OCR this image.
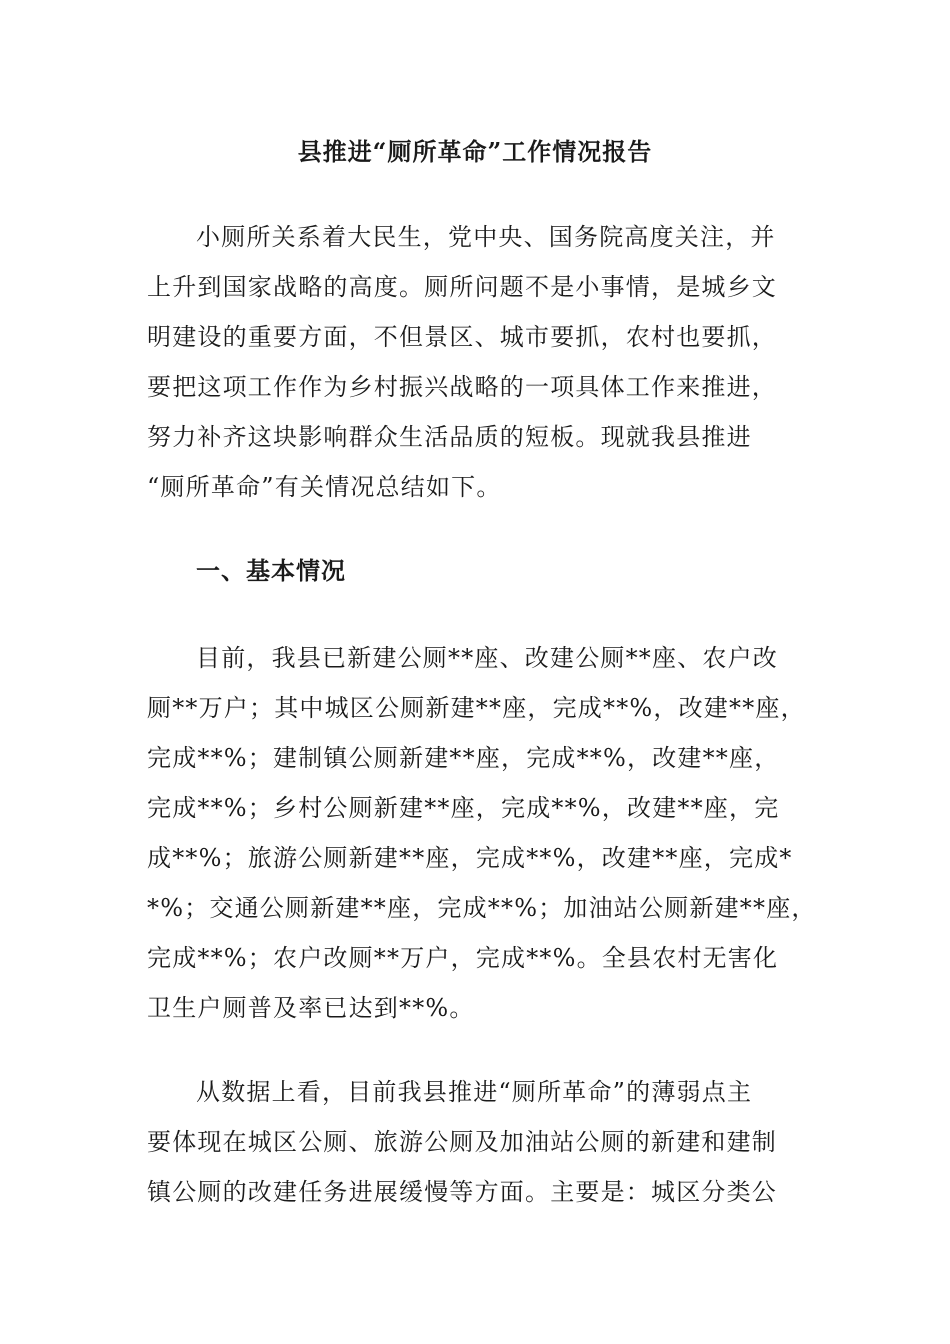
县推进“厕所革命”工作情况报告
小厕所关系着大民生，党中央、国务院高度关注，并
上升到国家战略的高度。厕所问题不是小事情，是城乡文
明建设的重要方面，不但景区、城市要抓，农村也要抓，
要把这项工作作为乡村振兴战略的一项具体工作来推进，
努力补齐这块影响群众生活品质的短板。现就我县推进
“厕所革命”有关情况总结如下。
一、基本情况
目前，我县已新建公厕**座、改建公厕**座、农户改
厕**万户；其中城区公厕新建**座，完成**%，改建**座，
完成**%；建制镇公厕新建**座，完成**%，改建**座，
完成**%；乡村公厕新建**座，完成**%，改建**座，完
成**%；旅游公厕新建**座，完成**%，改建**座，完成*
*%；交通公厕新建**座，完成**%；加油站公厕新建**座，
完成**%；农户改厕**万户，完成**%。全县农村无害化
卫生户厕普及率已达到**%。
从数据上看，目前我县推进“厕所革命”的薄弱点主
要体现在城区公厕、旅游公厕及加油站公厕的新建和建制
镇公厕的改建任务进展缓慢等方面。主要是：城区分类公
